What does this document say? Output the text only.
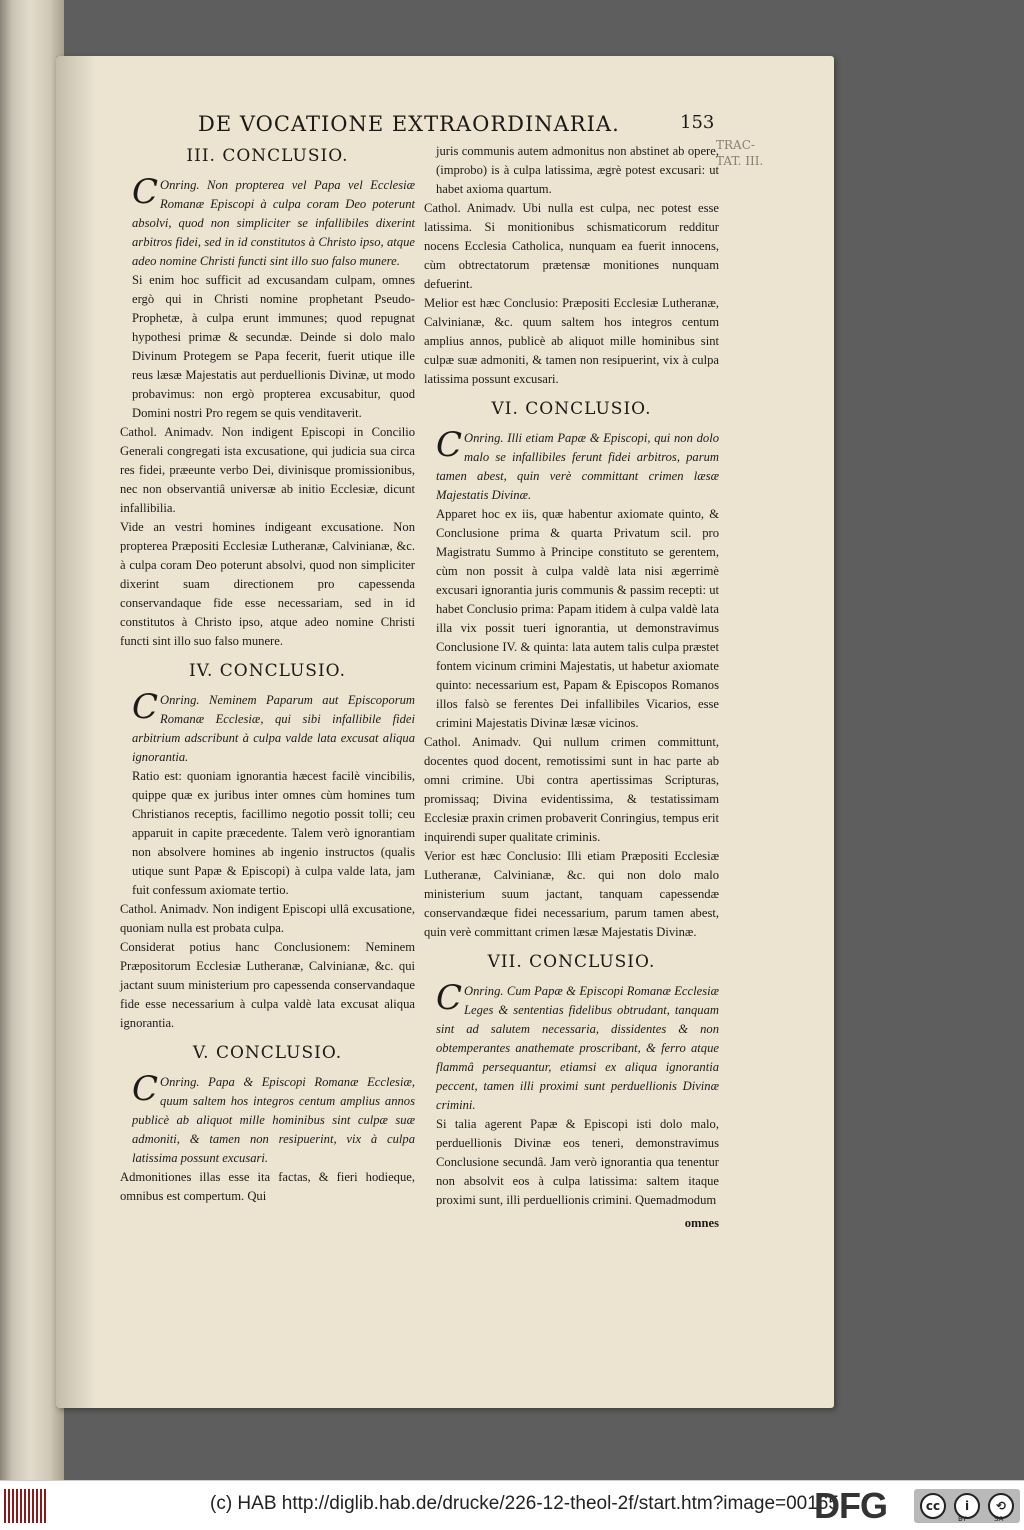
DE VOCATIONE EXTRAORDINARIA.	153
TRAC-
TAT. III.
III. CONCLUSIO.

C Onring. Non propterea vel Papa vel Ecclesiæ Romanæ Episcopi à culpa coram Deo poterunt absolvi, quod non simpliciter se infallibiles dixerint arbitros fidei, sed in id constitutos à Christo ipso, atque adeo nomine Christi functi sint illo suo falso munere.

Si enim hoc sufficit ad excusandam culpam, omnes ergò qui in Christi nomine prophetant Pseudo-Prophetæ, à culpa erunt immunes; quod repugnat hypothesi primæ & secundæ. Deinde si dolo malo Divinum Protegem se Papa fecerit, fuerit utique ille reus læsæ Majestatis aut perduellionis Divinæ, ut modo probavimus: non ergò propterea excusabitur, quod Domini nostri Pro regem se quis venditaverit.

Cathol. Animadv. Non indigent Episcopi in Concilio Generali congregati ista excusatione, qui judicia sua circa res fidei, præeunte verbo Dei, divinisque promissionibus, nec non observantiâ universæ ab initio Ecclesiæ, dicunt infallibilia.

Vide an vestri homines indigeant excusatione. Non propterea Præpositi Ecclesiæ Lutheranæ, Calvinianæ, &c. à culpa coram Deo poterunt absolvi, quod non simpliciter dixerint suam directionem pro capessenda conservandaque fide esse necessariam, sed in id constitutos à Christo ipso, atque adeo nomine Christi functi sint illo suo falso munere.

IV. CONCLUSIO.

C Onring. Neminem Paparum aut Episcoporum Romanæ Ecclesiæ, qui sibi infallibile fidei arbitrium adscribunt à culpa valde lata excusat aliqua ignorantia.

Ratio est: quoniam ignorantia hæcest facilè vincibilis, quippe quæ ex juribus inter omnes cùm homines tum Christianos receptis, facillimo negotio possit tolli; ceu apparuit in capite præcedente. Talem verò ignorantiam non absolvere homines ab ingenio instructos (qualis utique sunt Papæ & Episcopi) à culpa valde lata, jam fuit confessum axiomate tertio.

Cathol. Animadv. Non indigent Episcopi ullâ excusatione, quoniam nulla est probata culpa.

Considerat potius hanc Conclusionem: Neminem Præpositorum Ecclesiæ Lutheranæ, Calvinianæ, &c. qui jactant suum ministerium pro capessenda conservandaque fide esse necessarium à culpa valdè lata excusat aliqua ignorantia.

V. CONCLUSIO.

C Onring. Papa & Episcopi Romanæ Ecclesiæ, quum saltem hos integros centum amplius annos publicè ab aliquot mille hominibus sint culpæ suæ admoniti, & tamen non resipuerint, vix à culpa latissima possunt excusari.

Admonitiones illas esse ita factas, & fieri hodieque, omnibus est compertum. Qui

juris communis autem admonitus non abstinet ab opere, (improbo) is à culpa latissima, ægrè potest excusari: ut habet axioma quartum.

Cathol. Animadv. Ubi nulla est culpa, nec potest esse latissima. Si monitionibus schismaticorum redditur nocens Ecclesia Catholica, nunquam ea fuerit innocens, cùm obtrectatorum prætensæ monitiones nunquam defuerint.

Melior est hæc Conclusio: Præpositi Ecclesiæ Lutheranæ, Calvinianæ, &c. quum saltem hos integros centum amplius annos, publicè ab aliquot mille hominibus sint culpæ suæ admoniti, & tamen non resipuerint, vix à culpa latissima possunt excusari.

VI. CONCLUSIO.

C Onring. Illi etiam Papæ & Episcopi, qui non dolo malo se infallibiles ferunt fidei arbitros, parum tamen abest, quin verè committant crimen læsæ Majestatis Divinæ.

Apparet hoc ex iis, quæ habentur axiomate quinto, & Conclusione prima & quarta Privatum scil. pro Magistratu Summo à Principe constituto se gerentem, cùm non possit à culpa valdè lata nisi ægerrimè excusari ignorantia juris communis & passim recepti: ut habet Conclusio prima: Papam itidem à culpa valdè lata illa vix possit tueri ignorantia, ut demonstravimus Conclusione IV. & quinta: lata autem talis culpa præstet fontem vicinum crimini Majestatis, ut habetur axiomate quinto: necessarium est, Papam & Episcopos Romanos illos falsò se ferentes Dei infallibiles Vicarios, esse crimini Majestatis Divinæ læsæ vicinos.

Cathol. Animadv. Qui nullum crimen committunt, docentes quod docent, remotissimi sunt in hac parte ab omni crimine. Ubi contra apertissimas Scripturas, promissaq; Divina evidentissima, & testatissimam Ecclesiæ praxin crimen probaverit Conringius, tempus erit inquirendi super qualitate criminis.

Verior est hæc Conclusio: Illi etiam Præpositi Ecclesiæ Lutheranæ, Calvinianæ, &c. qui non dolo malo ministerium suum jactant, tanquam capessendæ conservandæque fidei necessarium, parum tamen abest, quin verè committant crimen læsæ Majestatis Divinæ.

VII. CONCLUSIO.

C Onring. Cum Papæ & Episcopi Romanæ Ecclesiæ Leges & sententias fidelibus obtrudant, tanquam sint ad salutem necessaria, dissidentes & non obtemperantes anathemate proscribant, & ferro atque flammâ persequantur, etiamsi ex aliqua ignorantia peccent, tamen illi proximi sunt perduellionis Divinæ crimini.

Si talia agerent Papæ & Episcopi isti dolo malo, perduellionis Divinæ eos teneri, demonstravimus Conclusione secundâ. Jam verò ignorantia qua tenentur non absolvit eos à culpa latissima: saltem itaque proximi sunt, illi perduellionis crimini. Quemadmodum

omnes
(c) HAB http://diglib.hab.de/drucke/226-12-theol-2f/start.htm?image=00165
DFG	cc	i	⟲
BY	SA
